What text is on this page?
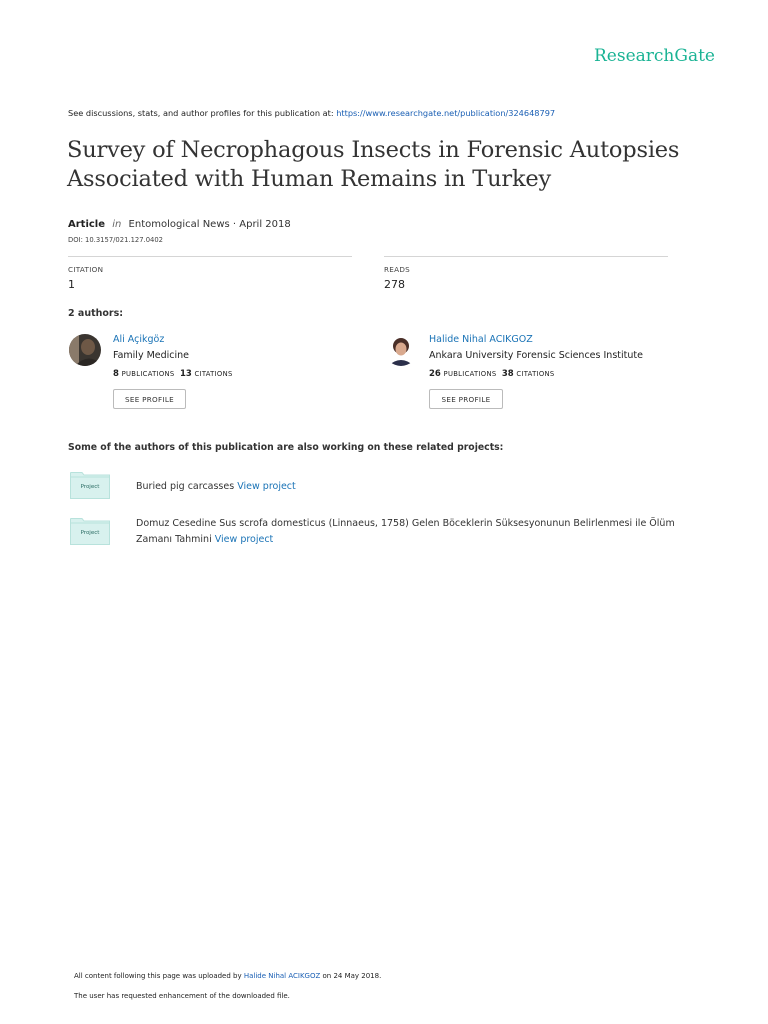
ResearchGate
See discussions, stats, and author profiles for this publication at: https://www.researchgate.net/publication/324648797
Survey of Necrophagous Insects in Forensic Autopsies Associated with Human Remains in Turkey
Article in Entomological News · April 2018
DOI: 10.3157/021.127.0402
CITATION
1
READS
278
2 authors:
Ali Açikgöz
Family Medicine
8 PUBLICATIONS 13 CITATIONS
SEE PROFILE
Halide Nihal ACIKGOZ
Ankara University Forensic Sciences Institute
26 PUBLICATIONS 38 CITATIONS
SEE PROFILE
Some of the authors of this publication are also working on these related projects:
Project	Buried pig carcasses View project
Project
Domuz Cesedine Sus scrofa domesticus (Linnaeus, 1758) Gelen Böceklerin Süksesyonunun Belirlenmesi ile Ölüm Zamanı Tahmini View project
All content following this page was uploaded by Halide Nihal ACIKGOZ on 24 May 2018.
The user has requested enhancement of the downloaded file.
